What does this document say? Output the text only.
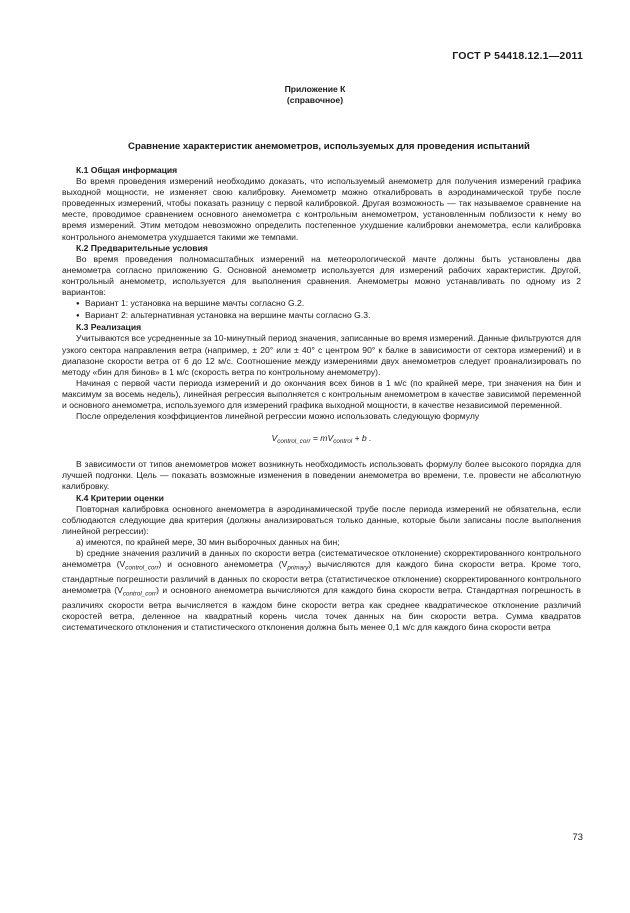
ГОСТ Р 54418.12.1—2011
Приложение К
(справочное)
Сравнение характеристик анемометров, используемых для проведения испытаний
К.1 Общая информация

Во время проведения измерений необходимо доказать, что используемый анемометр для получения измерений графика выходной мощности, не изменяет свою калибровку. Анемометр можно откалибровать в аэродинамической трубе после проведенных измерений, чтобы показать разницу с первой калибровкой. Другая возможность — так называемое сравнение на месте, проводимое сравнением основного анемометра с контрольным анемометром, установленным поблизости к нему во время измерений. Этим методом невозможно определить постепенное ухудшение калибровки анемометра, если калибровка контрольного анемометра ухудшается такими же темпами.

К.2 Предварительные условия

Во время проведения полномасштабных измерений на метеорологической мачте должны быть установлены два анемометра согласно приложению G. Основной анемометр используется для измерений рабочих характеристик. Другой, контрольный анемометр, используется для выполнения сравнения. Анемометры можно устанавливать по одному из 2 вариантов:

● Вариант 1: установка на вершине мачты согласно G.2.
● Вариант 2: альтернативная установка на вершине мачты согласно G.3.
К.3 Реализация

Учитываются все усредненные за 10-минутный период значения, записанные во время измерений. Данные фильтруются для узкого сектора направления ветра (например, ± 20° или ± 40° с центром 90° к балке в зависимости от сектора измерений) и в диапазоне скорости ветра от 6 до 12 м/с. Соотношение между измерениями двух анемометров следует проанализировать по методу «бин для бинов» в 1 м/с (скорость ветра по контрольному анемометру).

Начиная с первой части периода измерений и до окончания всех бинов в 1 м/с (по крайней мере, три значения на бин и максимум за восемь недель), линейная регрессия выполняется с контрольным анемометром в качестве зависимой переменной и основного анемометра, используемого для измерений графика выходной мощности, в качестве независимой переменной.

После определения коэффициентов линейной регрессии можно использовать следующую формулу

$V_{control\_corr} = mV_{control} + b$ .

В зависимости от типов анемометров может возникнуть необходимость использовать формулу более высокого порядка для лучшей подгонки. Цель — показать возможные изменения в поведении анемометра во времени, т.е. провести не абсолютную калибровку.

К.4 Критерии оценки

Повторная калибровка основного анемометра в аэродинамической трубе после периода измерений не обязательна, если соблюдаются следующие два критерия (должны анализироваться только данные, которые были записаны после выполнения линейной регрессии):

а) имеются, по крайней мере, 30 мин выборочных данных на бин;

b) средние значения различий в данных по скорости ветра (систематическое отклонение) скорректированного контрольного анемометра $(V_{control\_corr})$ и основного анемометра $(V_{primary})$ вычисляются для каждого бина скорости ветра. Кроме того, стандартные погрешности различий в данных по скорости ветра (статистическое отклонение) скорректированного контрольного анемометра $(V_{control\_corr})$ и основного анемометра вычисляются для каждого бина скорости ветра. Стандартная погрешность в различиях скорости ветра вычисляется в каждом бине скорости ветра как среднее квадратическое отклонение различий скоростей ветра, деленное на квадратный корень числа точек данных на бин скорости ветра. Сумма квадратов систематического отклонения и статистического отклонения должна быть менее 0,1 м/с для каждого бина скорости ветра

73
